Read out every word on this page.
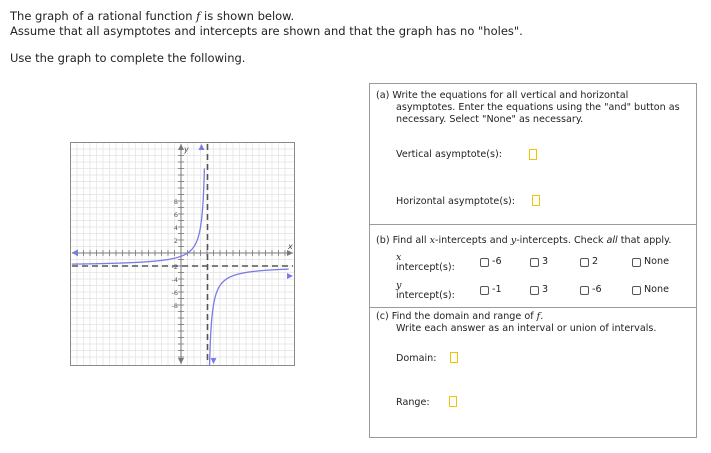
The graph of a rational function f is shown below.
Assume that all asymptotes and intercepts are shown and that the graph has no "holes".
Use the graph to complete the following.
x
y
8
6
4
2
-2
-4
-6
-8
(a) Write the equations for all vertical and horizontal
asymptotes. Enter the equations using the "and" button as
necessary. Select "None" as necessary.
Vertical asymptote(s):
Horizontal asymptote(s):
(b) Find all x-intercepts and y-intercepts. Check all that apply.
x
intercept(s):
-6	3	2	None
y
intercept(s):
-1	3	-6	None
(c) Find the domain and range of f.
Write each answer as an interval or union of intervals.
Domain:
Range:
